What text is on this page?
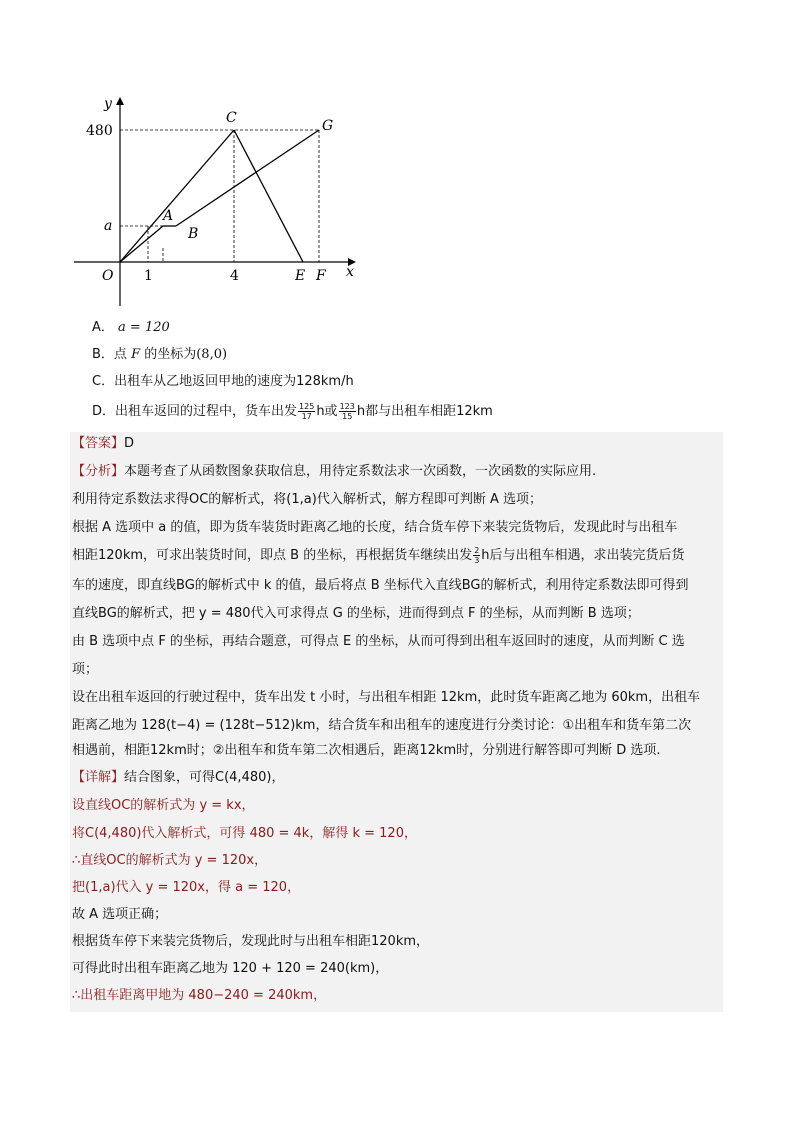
y
x
O
480
a
1	4
C	G
A
B
E F
A． a = 120
B．点 F 的坐标为(8,0)
C．出租车从乙地返回甲地的速度为128km/h
D．出租车返回的过程中，货车出发 $\frac{125}{17}$ h或 $\frac{123}{15}$ h都与出租车相距12km
【答案】D
【分析】本题考查了从函数图象获取信息，用待定系数法求一次函数，一次函数的实际应用.
利用待定系数法求得OC的解析式，将(1,a)代入解析式，解方程即可判断 A 选项；
根据 A 选项中 a 的值，即为货车装货时距离乙地的长度，结合货车停下来装完货物后，发现此时与出租车
相距120km，可求出装货时间，即点 B 的坐标，再根据货车继续出发 $\frac{2}{3}$ h后与出租车相遇，求出装完货后货
车的速度，即直线BG的解析式中 k 的值，最后将点 B 坐标代入直线BG的解析式，利用待定系数法即可得到
直线BG的解析式，把 y = 480代入可求得点 G 的坐标，进而得到点 F 的坐标，从而判断 B 选项；
由 B 选项中点 F 的坐标，再结合题意，可得点 E 的坐标，从而可得到出租车返回时的速度，从而判断 C 选
项；
设在出租车返回的行驶过程中，货车出发 t 小时，与出租车相距 12km，此时货车距离乙地为 60km，出租车
距离乙地为 128(t−4) = (128t−512)km，结合货车和出租车的速度进行分类讨论：①出租车和货车第二次
相遇前，相距12km时；②出租车和货车第二次相遇后，距离12km时，分别进行解答即可判断 D 选项.
【详解】结合图象，可得C(4,480)，
设直线OC的解析式为 y = kx，
将C(4,480)代入解析式，可得 480 = 4k，解得 k = 120，
∴直线OC的解析式为 y = 120x，
把(1,a)代入 y = 120x，得 a = 120，
故 A 选项正确；
根据货车停下来装完货物后，发现此时与出租车相距120km，
可得此时出租车距离乙地为 120 + 120 = 240(km)，
∴出租车距离甲地为 480−240 = 240km，
